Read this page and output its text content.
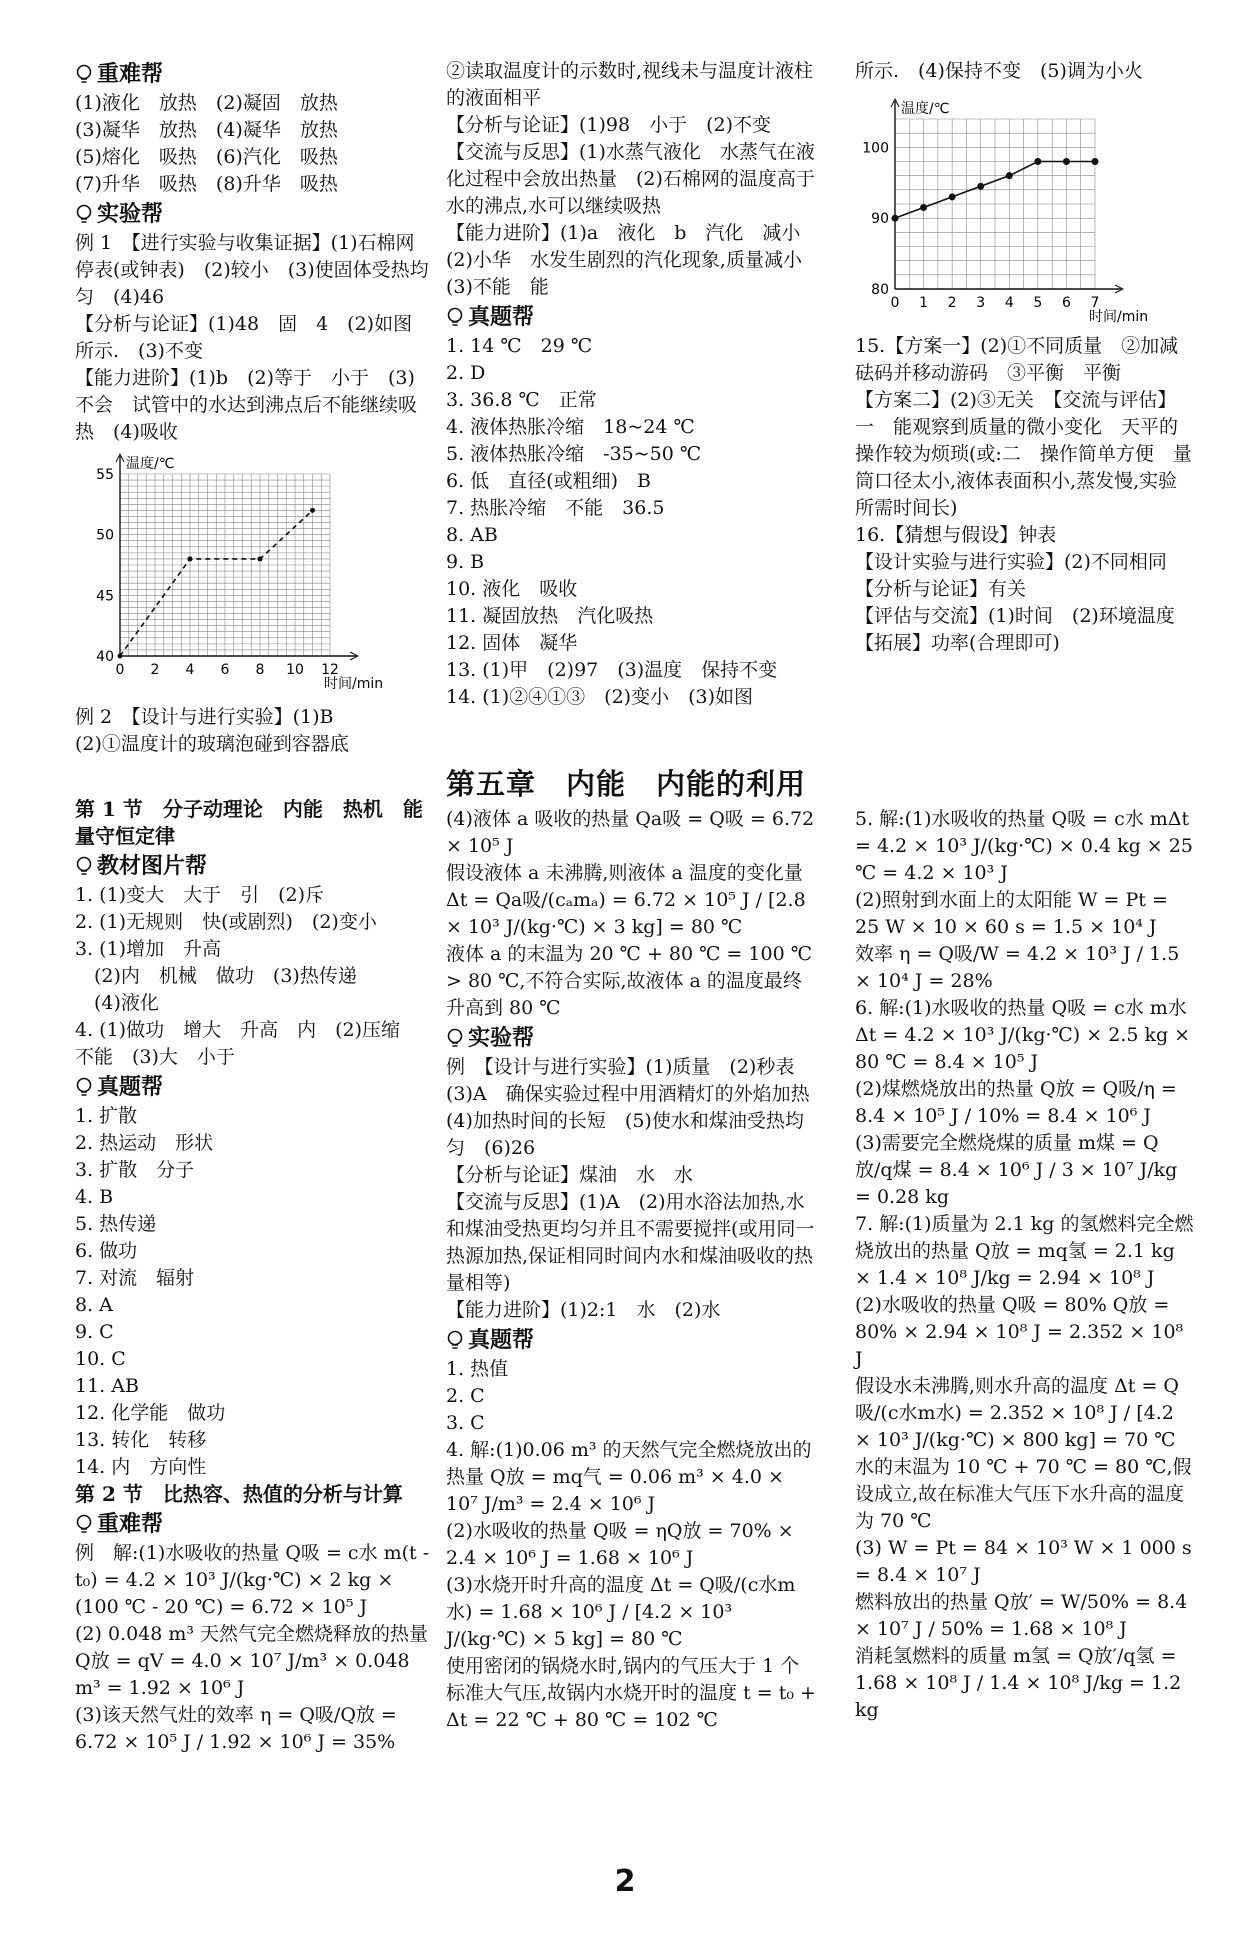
重难帮
(1)液化　放热　(2)凝固　放热
(3)凝华　放热　(4)凝华　放热
(5)熔化　吸热　(6)汽化　吸热
(7)升华　吸热　(8)升华　吸热
实验帮
例 1　【进行实验与收集证据】(1)石棉网　停表(或钟表)　(2)较小　(3)使固体受热均匀　(4)46
【分析与论证】(1)48　固　4　(2)如图所示.　(3)不变
【能力进阶】(1)b　(2)等于　小于　(3)不会　试管中的水达到沸点后不能继续吸热　(4)吸收
温度/℃
时间/min
0 2 4 6 8 10 12
40
45
50
55
例 2　【设计与进行实验】(1)B
(2)①温度计的玻璃泡碰到容器底
②读取温度计的示数时,视线未与温度计液柱的液面相平
【分析与论证】(1)98　小于　(2)不变
【交流与反思】(1)水蒸气液化　水蒸气在液化过程中会放出热量　(2)石棉网的温度高于水的沸点,水可以继续吸热
【能力进阶】(1)a　液化　b　汽化　减小　(2)小华　水发生剧烈的汽化现象,质量减小　(3)不能　能
真题帮
1. 14 ℃　29 ℃
2. D
3. 36.8 ℃　正常
4. 液体热胀冷缩　18~24 ℃
5. 液体热胀冷缩　-35~50 ℃
6. 低　直径(或粗细)　B
7. 热胀冷缩　不能　36.5
8. AB
9. B
10. 液化　吸收
11. 凝固放热　汽化吸热
12. 固体　凝华
13. (1)甲　(2)97　(3)温度　保持不变
14. (1)②④①③　(2)变小　(3)如图
所示.　(4)保持不变　(5)调为小火
温度/℃
时间/min
0 1 2 3 4 5 6 7
80
90
100
15.【方案一】(2)①不同质量　②加减砝码并移动游码　③平衡　平衡
【方案二】(2)③无关　【交流与评估】一　能观察到质量的微小变化　天平的操作较为烦琐(或:二　操作简单方便　量筒口径太小,液体表面积小,蒸发慢,实验所需时间长)
16.【猜想与假设】钟表
【设计实验与进行实验】(2)不同相同
【分析与论证】有关
【评估与交流】(1)时间　(2)环境温度
【拓展】功率(合理即可)
第五章　内能　内能的利用
第 1 节　分子动理论　内能　热机　能量守恒定律
教材图片帮
1. (1)变大　大于　引　(2)斥
2. (1)无规则　快(或剧烈)　(2)变小
3. (1)增加　升高
　(2)内　机械　做功　(3)热传递
　(4)液化
4. (1)做功　增大　升高　内　(2)压缩　不能　(3)大　小于
真题帮
1. 扩散
2. 热运动　形状
3. 扩散　分子
4. B
5. 热传递
6. 做功
7. 对流　辐射
8. A
9. C
10. C
11. AB
12. 化学能　做功
13. 转化　转移
14. 内　方向性
第 2 节　比热容、热值的分析与计算
重难帮
例　解:(1)水吸收的热量 Q吸 = c水 m(t - t₀) = 4.2 × 10³ J/(kg·℃) × 2 kg × (100 ℃ - 20 ℃) = 6.72 × 10⁵ J
(2) 0.048 m³ 天然气完全燃烧释放的热量 Q放 = qV = 4.0 × 10⁷ J/m³ × 0.048 m³ = 1.92 × 10⁶ J
(3)该天然气灶的效率 η = Q吸/Q放 = 6.72 × 10⁵ J / 1.92 × 10⁶ J = 35%
(4)液体 a 吸收的热量 Qa吸 = Q吸 = 6.72 × 10⁵ J
假设液体 a 未沸腾,则液体 a 温度的变化量 Δt = Qa吸/(cₐmₐ) = 6.72 × 10⁵ J / [2.8 × 10³ J/(kg·℃) × 3 kg] = 80 ℃
液体 a 的末温为 20 ℃ + 80 ℃ = 100 ℃ > 80 ℃,不符合实际,故液体 a 的温度最终升高到 80 ℃
实验帮
例　【设计与进行实验】(1)质量　(2)秒表　(3)A　确保实验过程中用酒精灯的外焰加热　(4)加热时间的长短　(5)使水和煤油受热均匀　(6)26
【分析与论证】煤油　水　水
【交流与反思】(1)A　(2)用水浴法加热,水和煤油受热更均匀并且不需要搅拌(或用同一热源加热,保证相同时间内水和煤油吸收的热量相等)
【能力进阶】(1)2:1　水　(2)水
真题帮
1. 热值
2. C
3. C
4. 解:(1)0.06 m³ 的天然气完全燃烧放出的热量 Q放 = mq气 = 0.06 m³ × 4.0 × 10⁷ J/m³ = 2.4 × 10⁶ J
(2)水吸收的热量 Q吸 = ηQ放 = 70% × 2.4 × 10⁶ J = 1.68 × 10⁶ J
(3)水烧开时升高的温度 Δt = Q吸/(c水m水) = 1.68 × 10⁶ J / [4.2 × 10³ J/(kg·℃) × 5 kg] = 80 ℃
使用密闭的锅烧水时,锅内的气压大于 1 个标准大气压,故锅内水烧开时的温度 t = t₀ + Δt = 22 ℃ + 80 ℃ = 102 ℃
5. 解:(1)水吸收的热量 Q吸 = c水 mΔt = 4.2 × 10³ J/(kg·℃) × 0.4 kg × 25 ℃ = 4.2 × 10³ J
(2)照射到水面上的太阳能 W = Pt = 25 W × 10 × 60 s = 1.5 × 10⁴ J
效率 η = Q吸/W = 4.2 × 10³ J / 1.5 × 10⁴ J = 28%
6. 解:(1)水吸收的热量 Q吸 = c水 m水 Δt = 4.2 × 10³ J/(kg·℃) × 2.5 kg × 80 ℃ = 8.4 × 10⁵ J
(2)煤燃烧放出的热量 Q放 = Q吸/η = 8.4 × 10⁵ J / 10% = 8.4 × 10⁶ J
(3)需要完全燃烧煤的质量 m煤 = Q放/q煤 = 8.4 × 10⁶ J / 3 × 10⁷ J/kg = 0.28 kg
7. 解:(1)质量为 2.1 kg 的氢燃料完全燃烧放出的热量 Q放 = mq氢 = 2.1 kg × 1.4 × 10⁸ J/kg = 2.94 × 10⁸ J
(2)水吸收的热量 Q吸 = 80% Q放 = 80% × 2.94 × 10⁸ J = 2.352 × 10⁸ J
假设水未沸腾,则水升高的温度 Δt = Q吸/(c水m水) = 2.352 × 10⁸ J / [4.2 × 10³ J/(kg·℃) × 800 kg] = 70 ℃
水的末温为 10 ℃ + 70 ℃ = 80 ℃,假设成立,故在标准大气压下水升高的温度为 70 ℃
(3) W = Pt = 84 × 10³ W × 1 000 s = 8.4 × 10⁷ J
燃料放出的热量 Q放′ = W/50% = 8.4 × 10⁷ J / 50% = 1.68 × 10⁸ J
消耗氢燃料的质量 m氢 = Q放′/q氢 = 1.68 × 10⁸ J / 1.4 × 10⁸ J/kg = 1.2 kg
2
